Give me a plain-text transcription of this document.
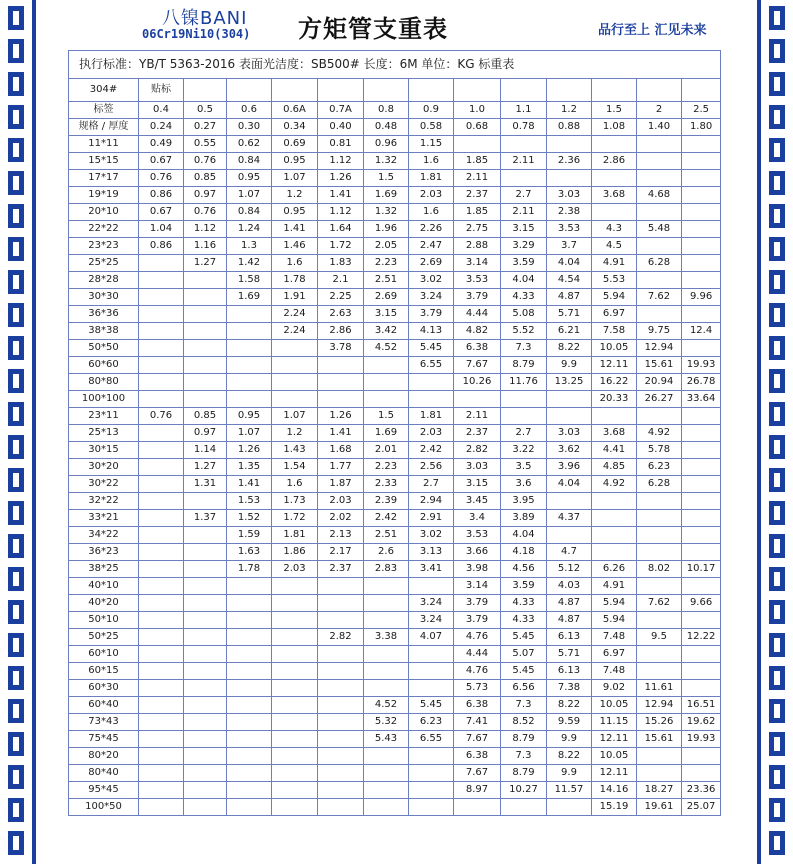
八镍BANI
06Cr19Ni10(304) 方矩管支重表	品行至上 汇见未来
执行标准：YB/T 5363-2016 表面光洁度：SB500# 长度：6M 单位：KG 标重表													
304#	贴标												
标签	0.4	0.5	0.6	0.6A	0.7A	0.8	0.9	1.0	1.1	1.2	1.5	2	2.5
规格 / 厚度	0.24	0.27	0.30	0.34	0.40	0.48	0.58	0.68	0.78	0.88	1.08	1.40	1.80
11*11	0.49	0.55	0.62	0.69	0.81	0.96	1.15						
15*15	0.67	0.76	0.84	0.95	1.12	1.32	1.6	1.85	2.11	2.36	2.86		
17*17	0.76	0.85	0.95	1.07	1.26	1.5	1.81	2.11					
19*19	0.86	0.97	1.07	1.2	1.41	1.69	2.03	2.37	2.7	3.03	3.68	4.68	
20*10	0.67	0.76	0.84	0.95	1.12	1.32	1.6	1.85	2.11	2.38			
22*22	1.04	1.12	1.24	1.41	1.64	1.96	2.26	2.75	3.15	3.53	4.3	5.48	
23*23	0.86	1.16	1.3	1.46	1.72	2.05	2.47	2.88	3.29	3.7	4.5		
25*25		1.27	1.42	1.6	1.83	2.23	2.69	3.14	3.59	4.04	4.91	6.28	
28*28			1.58	1.78	2.1	2.51	3.02	3.53	4.04	4.54	5.53		
30*30			1.69	1.91	2.25	2.69	3.24	3.79	4.33	4.87	5.94	7.62	9.96
36*36				2.24	2.63	3.15	3.79	4.44	5.08	5.71	6.97		
38*38				2.24	2.86	3.42	4.13	4.82	5.52	6.21	7.58	9.75	12.4
50*50					3.78	4.52	5.45	6.38	7.3	8.22	10.05	12.94	
60*60							6.55	7.67	8.79	9.9	12.11	15.61	19.93
80*80								10.26	11.76	13.25	16.22	20.94	26.78
100*100											20.33	26.27	33.64
23*11	0.76	0.85	0.95	1.07	1.26	1.5	1.81	2.11					
25*13		0.97	1.07	1.2	1.41	1.69	2.03	2.37	2.7	3.03	3.68	4.92	
30*15		1.14	1.26	1.43	1.68	2.01	2.42	2.82	3.22	3.62	4.41	5.78	
30*20		1.27	1.35	1.54	1.77	2.23	2.56	3.03	3.5	3.96	4.85	6.23	
30*22		1.31	1.41	1.6	1.87	2.33	2.7	3.15	3.6	4.04	4.92	6.28	
32*22			1.53	1.73	2.03	2.39	2.94	3.45	3.95				
33*21		1.37	1.52	1.72	2.02	2.42	2.91	3.4	3.89	4.37			
34*22			1.59	1.81	2.13	2.51	3.02	3.53	4.04				
36*23			1.63	1.86	2.17	2.6	3.13	3.66	4.18	4.7			
38*25			1.78	2.03	2.37	2.83	3.41	3.98	4.56	5.12	6.26	8.02	10.17
40*10								3.14	3.59	4.03	4.91		
40*20							3.24	3.79	4.33	4.87	5.94	7.62	9.66
50*10							3.24	3.79	4.33	4.87	5.94		
50*25					2.82	3.38	4.07	4.76	5.45	6.13	7.48	9.5	12.22
60*10								4.44	5.07	5.71	6.97		
60*15								4.76	5.45	6.13	7.48		
60*30								5.73	6.56	7.38	9.02	11.61	
60*40						4.52	5.45	6.38	7.3	8.22	10.05	12.94	16.51
73*43						5.32	6.23	7.41	8.52	9.59	11.15	15.26	19.62
75*45						5.43	6.55	7.67	8.79	9.9	12.11	15.61	19.93
80*20								6.38	7.3	8.22	10.05		
80*40								7.67	8.79	9.9	12.11		
95*45								8.97	10.27	11.57	14.16	18.27	23.36
100*50											15.19	19.61	25.07
